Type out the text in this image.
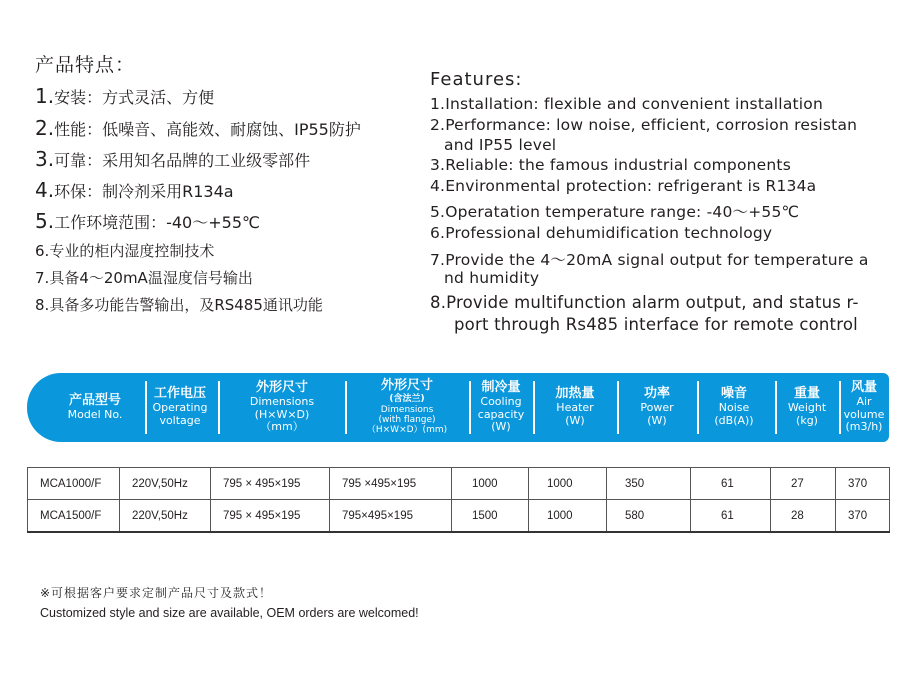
产品特点：
1.安装：方式灵活、方便
2.性能：低噪音、高能效、耐腐蚀、IP55防护
3.可靠：采用知名品牌的工业级零部件
4.环保：制冷剂采用R134a
5.工作环境范围：-40～+55℃
6.专业的柜内湿度控制技术
7.具备4～20mA温湿度信号输出
8.具备多功能告警输出，及RS485通讯功能
Features:
1.Installation: flexible and convenient installation
2.Performance: low noise, efficient, corrosion resistan
and IP55 level
3.Reliable: the famous industrial components
4.Environmental protection: refrigerant is R134a
5.Operatation temperature range: -40～+55℃
6.Professional dehumidification technology
7.Provide the 4～20mA signal output for temperature a
nd humidity
8.Provide multifunction alarm output, and status r-
port through Rs485 interface for remote control
产品型号
Model No.
工作电压
Operating
voltage
外形尺寸
Dimensions
(H×W×D)
（mm）
外形尺寸
(含法兰)
Dimensions
(with flange)
（H×W×D）(mm)
制冷量
Cooling
capacity
(W)
加热量
Heater
(W)
功率
Power
(W)
噪音
Noise
(dB(A))
重量
Weight
(kg)
风量
Air
volume
(m3/h)
MCA1000/F	220V,50Hz	795 × 495×195	795 ×495×195	1000	1000	350	61	27	370
MCA1500/F	220V,50Hz	795 × 495×195	795×495×195	1500	1000	580	61	28	370
※可根据客户要求定制产品尺寸及款式！
Customized style and size are available, OEM orders are welcomed!
